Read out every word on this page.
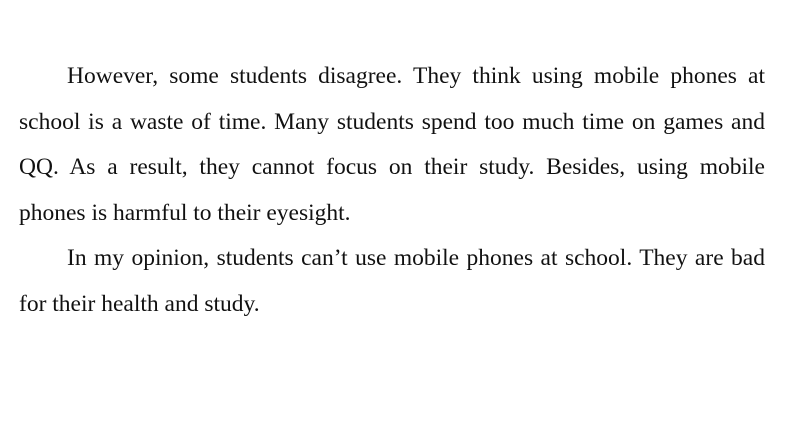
However, some students disagree. They think using mobile phones at school is a waste of time. Many students spend too much time on games and QQ. As a result, they cannot focus on their study. Besides, using mobile phones is harmful to their eyesight.

In my opinion, students can’t use mobile phones at school. They are bad for their health and study.
